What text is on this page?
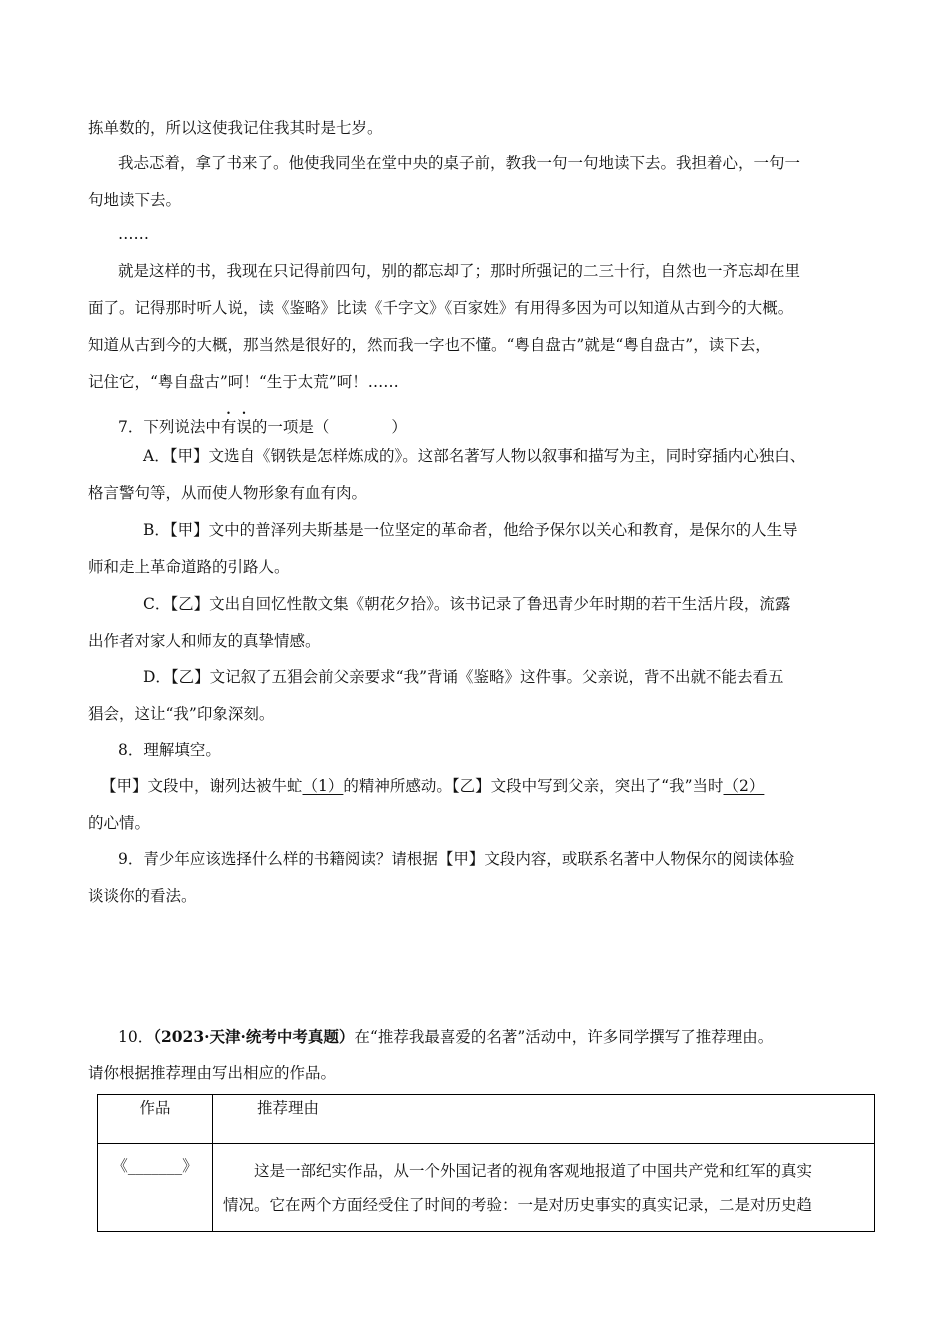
拣单数的，所以这使我记住我其时是七岁。
我忐忑着，拿了书来了。他使我同坐在堂中央的桌子前，教我一句一句地读下去。我担着心，一句一
句地读下去。
……
就是这样的书，我现在只记得前四句，别的都忘却了；那时所强记的二三十行，自然也一齐忘却在里
面了。记得那时听人说，读《鉴略》比读《千字文》《百家姓》有用得多因为可以知道从古到今的大概。
知道从古到今的大概，那当然是很好的，然而我一字也不懂。“粤自盘古”就是“粤自盘古”，读下去，
记住它，“粤自盘古”呵！“生于太荒”呵！……
7．下列说法中有误的一项是（　　　　）
A．【甲】文选自《钢铁是怎样炼成的》。这部名著写人物以叙事和描写为主，同时穿插内心独白、
格言警句等，从而使人物形象有血有肉。
B．【甲】文中的普泽列夫斯基是一位坚定的革命者，他给予保尔以关心和教育，是保尔的人生导
师和走上革命道路的引路人。
C．【乙】文出自回忆性散文集《朝花夕拾》。该书记录了鲁迅青少年时期的若干生活片段，流露
出作者对家人和师友的真挚情感。
D．【乙】文记叙了五猖会前父亲要求“我”背诵《鉴略》这件事。父亲说，背不出就不能去看五
猖会，这让“我”印象深刻。
8．理解填空。
【甲】文段中，谢列达被牛虻（1）的精神所感动。【乙】文段中写到父亲，突出了“我”当时（2）
的心情。
9．青少年应该选择什么样的书籍阅读？请根据【甲】文段内容，或联系名著中人物保尔的阅读体验
谈谈你的看法。
10．（2023·天津·统考中考真题）在“推荐我最喜爱的名著”活动中，许多同学撰写了推荐理由。
请你根据推荐理由写出相应的作品。
作品	推荐理由
《_______》	　　这是一部纪实作品，从一个外国记者的视角客观地报道了中国共产党和红军的真实
情况。它在两个方面经受住了时间的考验：一是对历史事实的真实记录，二是对历史趋
